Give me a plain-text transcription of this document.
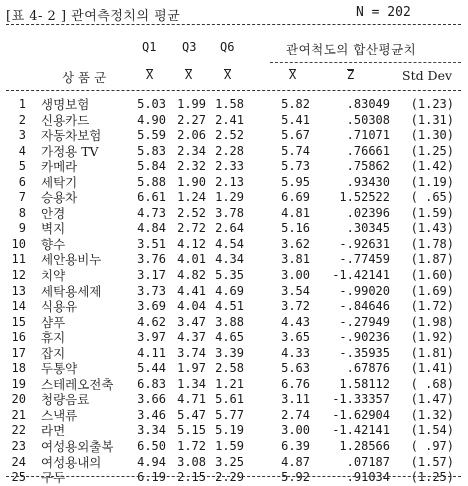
[표 4- 2 ] 관여측정치의 평균	N = 202
Q1 Q3 Q6	관여척도의 합산평균치
상 품 군	X	X	X	X	Z	Std Dev
1 생명보험	5.03 1.99 1.58	5.82	.83049	(1.23)
2 신용카드	4.90 2.27 2.41	5.41	.50308	(1.31)
3 자동차보험	5.59 2.06 2.52	5.67	.71071	(1.30)
4 가정용 TV	5.83 2.34 2.28	5.74	.76661	(1.25)
5 카메라	5.84 2.32 2.33	5.73	.75862	(1.42)
6 세탁기	5.88 1.90 2.13	5.95	.93430	(1.19)
7 승용차	6.61 1.24 1.29	6.69	1.52522	( .65)
8 안경	4.73 2.52 3.78	4.81	.02396	(1.59)
9 벽지	4.84 2.72 2.64	5.16	.30345	(1.43)
10 향수	3.51 4.12 4.54	3.62	-.92631	(1.78)
11 세안용비누	3.76 4.01 4.34	3.81	-.77459	(1.87)
12 치약	3.17 4.82 5.35	3.00	-1.42141	(1.60)
13 세탁용세제	3.73 4.41 4.69	3.54	-.99020	(1.69)
14 식용유	3.69 4.04 4.51	3.72	-.84646	(1.72)
15 샴푸	4.62 3.47 3.88	4.43	-.27949	(1.98)
16 휴지	3.97 4.37 4.65	3.65	-.90236	(1.92)
17 잡지	4.11 3.74 3.39	4.33	-.35935	(1.81)
18 두통약	5.44 1.97 2.58	5.63	.67876	(1.41)
19 스테레오전축	6.83 1.34 1.21	6.76	1.58112	( .68)
20 청량음료	3.66 4.71 5.61	3.11	-1.33357	(1.47)
21 스낵류	3.46 5.47 5.77	2.74	-1.62904	(1.32)
22 라면	3.34 5.15 5.19	3.00	-1.42141	(1.54)
23 여성용외출복	6.50 1.72 1.59	6.39	1.28566	( .97)
24 여성용내의	4.94 3.08 3.25	4.87	.07187	(1.57)
25 구두	6.19 2.15 2.29	5.92	.91034	(1.25)
